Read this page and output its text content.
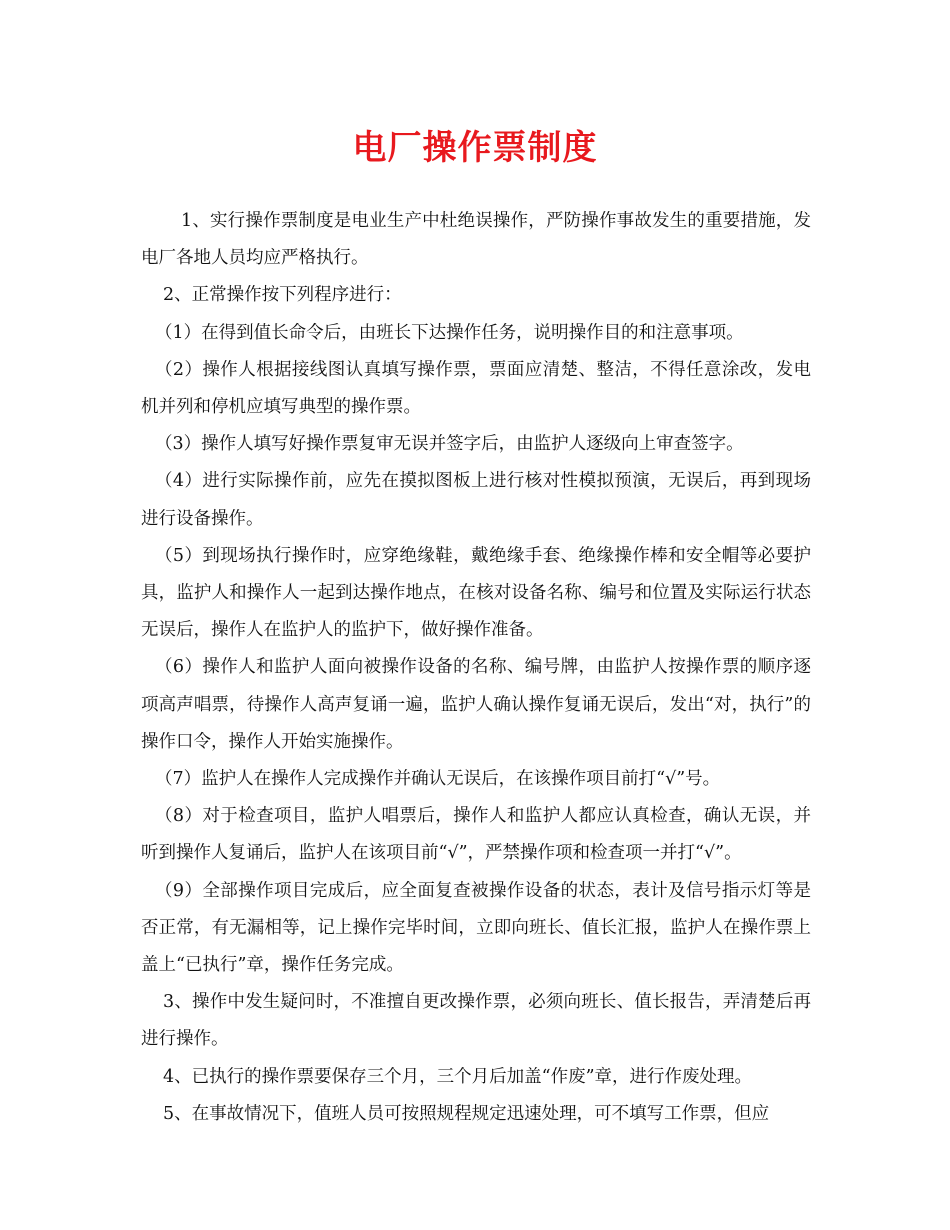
电厂操作票制度

1、实行操作票制度是电业生产中杜绝误操作，严防操作事故发生的重要措施，发电厂各地人员均应严格执行。

2、正常操作按下列程序进行：

（1）在得到值长命令后，由班长下达操作任务，说明操作目的和注意事项。

（2）操作人根据接线图认真填写操作票，票面应清楚、整洁，不得任意涂改，发电机并列和停机应填写典型的操作票。

（3）操作人填写好操作票复审无误并签字后，由监护人逐级向上审查签字。

（4）进行实际操作前，应先在摸拟图板上进行核对性模拟预演，无误后，再到现场进行设备操作。

（5）到现场执行操作时，应穿绝缘鞋，戴绝缘手套、绝缘操作棒和安全帽等必要护具，监护人和操作人一起到达操作地点，在核对设备名称、编号和位置及实际运行状态无误后，操作人在监护人的监护下，做好操作准备。

（6）操作人和监护人面向被操作设备的名称、编号牌，由监护人按操作票的顺序逐项高声唱票，待操作人高声复诵一遍，监护人确认操作复诵无误后，发出“对，执行”的操作口令，操作人开始实施操作。

（7）监护人在操作人完成操作并确认无误后，在该操作项目前打“√”号。

（8）对于检查项目，监护人唱票后，操作人和监护人都应认真检查，确认无误，并听到操作人复诵后，监护人在该项目前“√”，严禁操作项和检查项一并打“√”。

（9）全部操作项目完成后，应全面复查被操作设备的状态，表计及信号指示灯等是否正常，有无漏相等，记上操作完毕时间，立即向班长、值长汇报，监护人在操作票上盖上“已执行”章，操作任务完成。

3、操作中发生疑问时，不准擅自更改操作票，必须向班长、值长报告，弄清楚后再进行操作。

4、已执行的操作票要保存三个月，三个月后加盖“作废”章，进行作废处理。

5、在事故情况下，值班人员可按照规程规定迅速处理，可不填写工作票，但应
